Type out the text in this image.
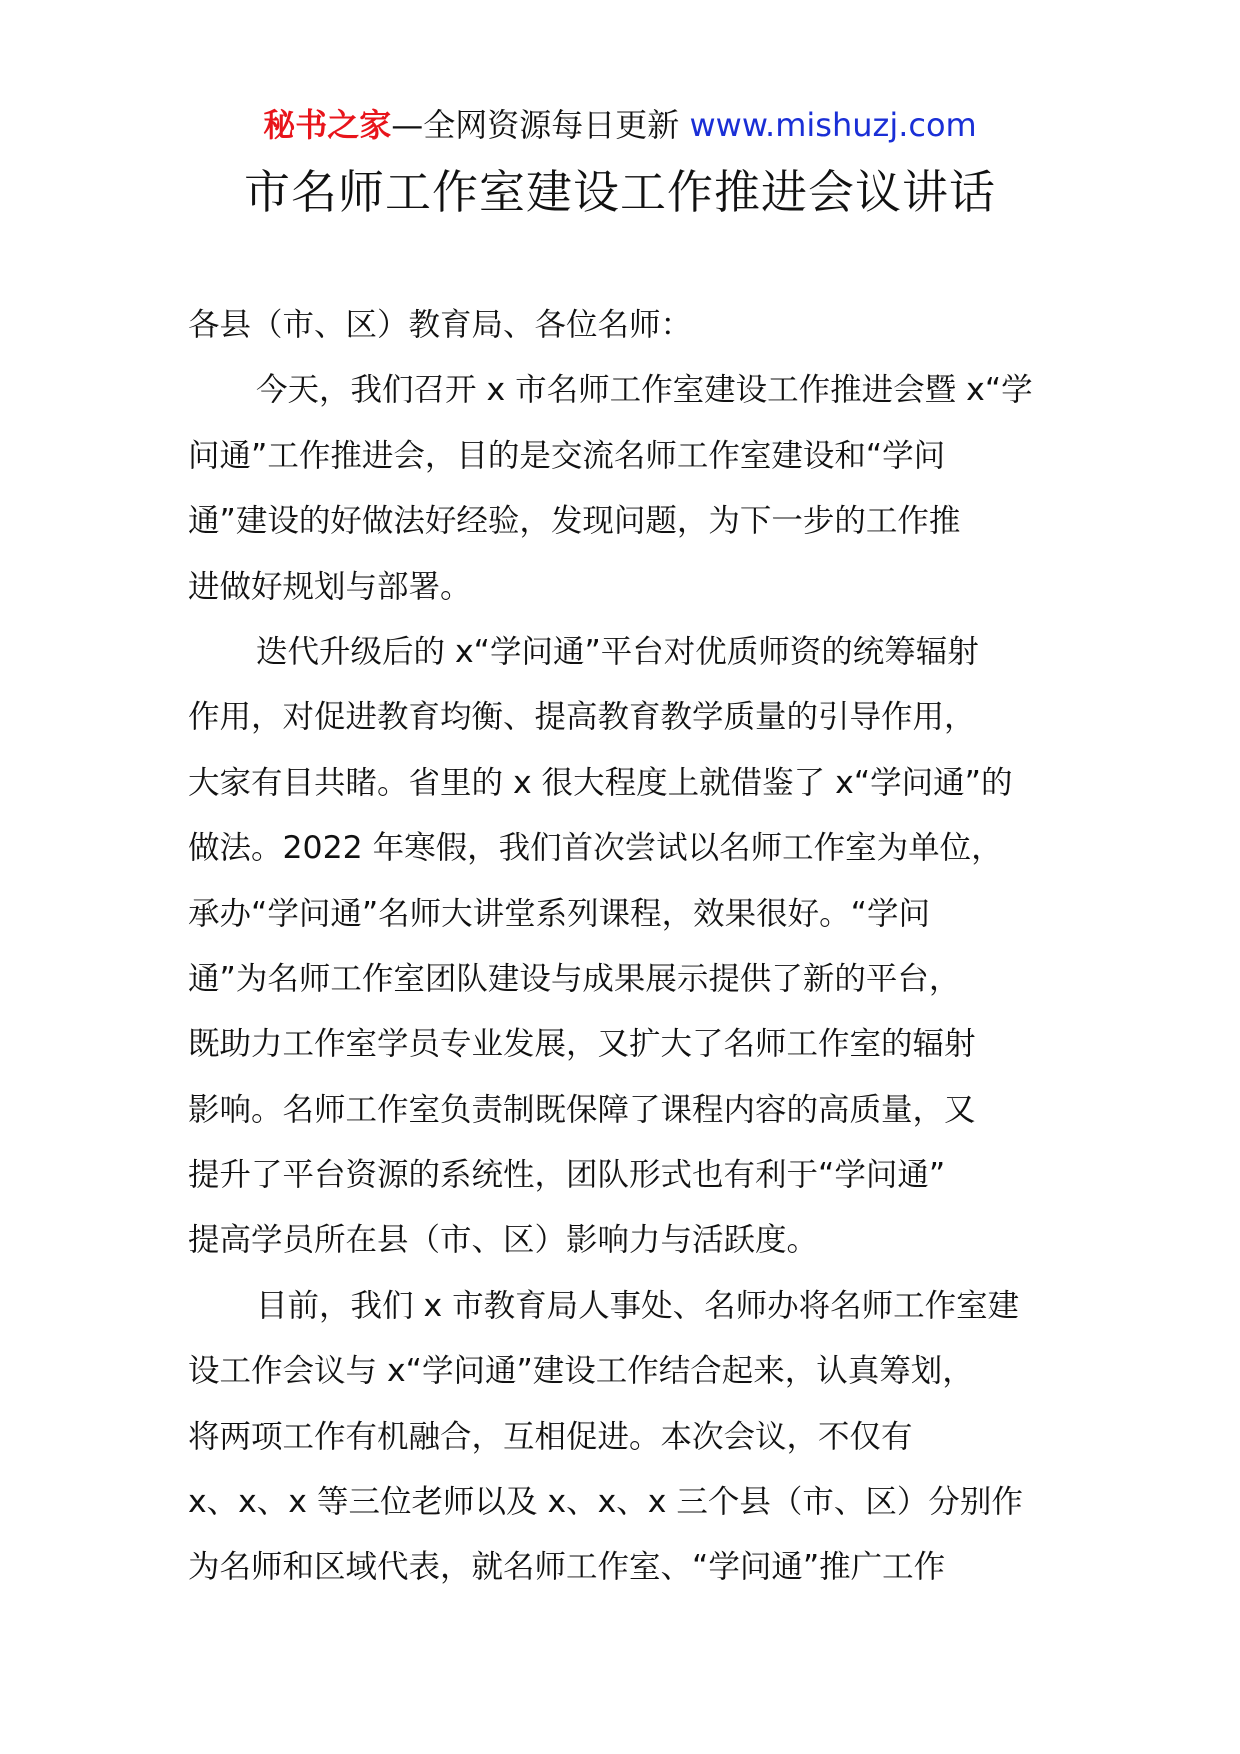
秘书之家—全网资源每日更新 www.mishuzj.com
市名师工作室建设工作推进会议讲话
各县（市、区）教育局、各位名师：
今天，我们召开 x 市名师工作室建设工作推进会暨 x“学
问通”工作推进会，目的是交流名师工作室建设和“学问
通”建设的好做法好经验，发现问题，为下一步的工作推
进做好规划与部署。
迭代升级后的 x“学问通”平台对优质师资的统筹辐射
作用，对促进教育均衡、提高教育教学质量的引导作用，
大家有目共睹。省里的 x 很大程度上就借鉴了 x“学问通”的
做法。2022 年寒假，我们首次尝试以名师工作室为单位，
承办“学问通”名师大讲堂系列课程，效果很好。“学问
通”为名师工作室团队建设与成果展示提供了新的平台，
既助力工作室学员专业发展，又扩大了名师工作室的辐射
影响。名师工作室负责制既保障了课程内容的高质量，又
提升了平台资源的系统性，团队形式也有利于“学问通”
提高学员所在县（市、区）影响力与活跃度。
目前，我们 x 市教育局人事处、名师办将名师工作室建
设工作会议与 x“学问通”建设工作结合起来，认真筹划，
将两项工作有机融合，互相促进。本次会议，不仅有
x、x、x 等三位老师以及 x、x、x 三个县（市、区）分别作
为名师和区域代表，就名师工作室、“学问通”推广工作
